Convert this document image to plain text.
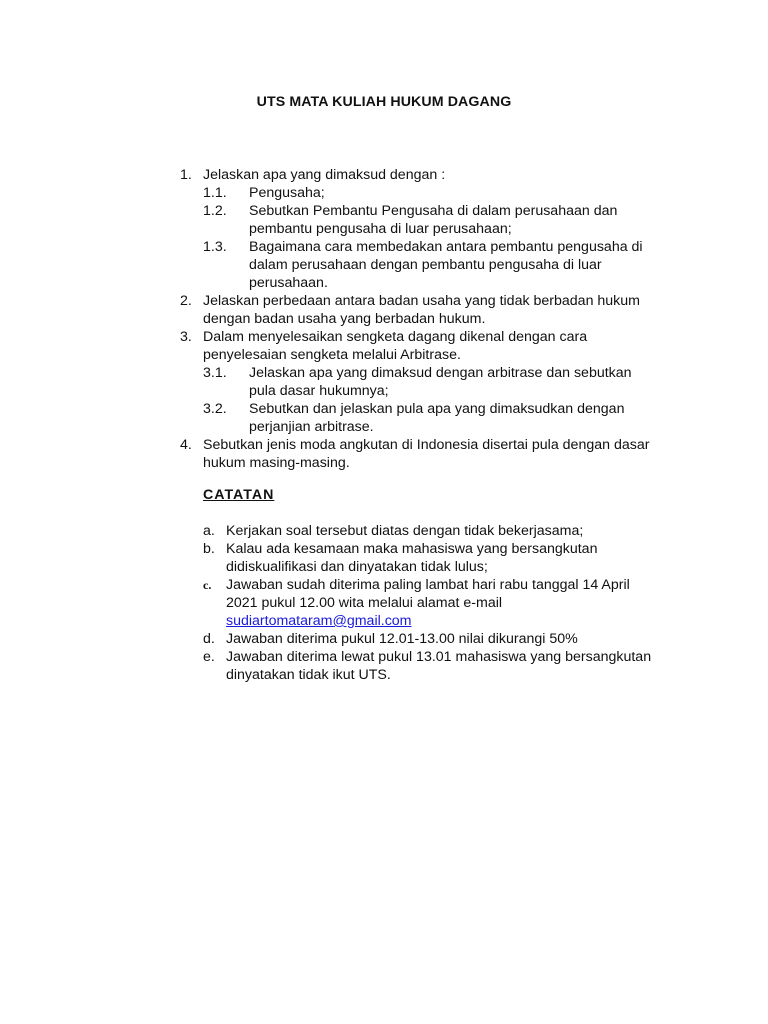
UTS MATA KULIAH HUKUM DAGANG
1. Jelaskan apa yang dimaksud dengan :
1.1. Pengusaha;
1.2. Sebutkan Pembantu Pengusaha di dalam perusahaan dan
pembantu pengusaha di luar perusahaan;
1.3. Bagaimana cara membedakan antara pembantu pengusaha di
dalam perusahaan dengan pembantu pengusaha di luar
perusahaan.
2. Jelaskan perbedaan antara badan usaha yang tidak berbadan hukum
dengan badan usaha yang berbadan hukum.
3. Dalam menyelesaikan sengketa dagang dikenal dengan cara
penyelesaian sengketa melalui Arbitrase.
3.1. Jelaskan apa yang dimaksud dengan arbitrase dan sebutkan
pula dasar hukumnya;
3.2. Sebutkan dan jelaskan pula apa yang dimaksudkan dengan
perjanjian arbitrase.
4. Sebutkan jenis moda angkutan di Indonesia disertai pula dengan dasar
hukum masing-masing.
CATATAN
a. Kerjakan soal tersebut diatas dengan tidak bekerjasama;
b. Kalau ada kesamaan maka mahasiswa yang bersangkutan
didiskualifikasi dan dinyatakan tidak lulus;
c. Jawaban sudah diterima paling lambat hari rabu tanggal 14 April
2021 pukul 12.00 wita melalui alamat e-mail
sudiartomataram@gmail.com
d. Jawaban diterima pukul 12.01-13.00 nilai dikurangi 50%
e. Jawaban diterima lewat pukul 13.01 mahasiswa yang bersangkutan
dinyatakan tidak ikut UTS.
